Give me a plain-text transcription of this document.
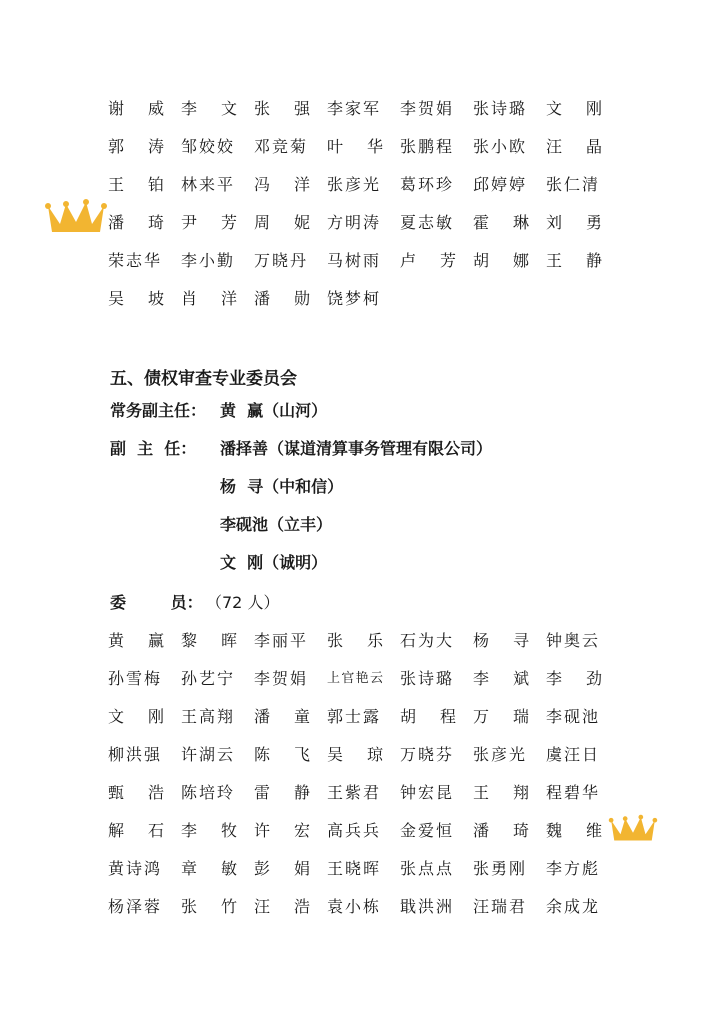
谢威 李文 张强 李家军 李贺娟 张诗璐 文刚
郭涛 邹姣姣 邓竞菊 叶华 张鹏程 张小欧 汪晶
王铂 林来平 冯洋 张彦光 葛环珍 邱婷婷 张仁清
潘琦 尹芳 周妮 方明涛 夏志敏 霍琳 刘勇
荣志华 李小勤 万晓丹 马树雨 卢芳 胡娜 王静
吴坡 肖洋 潘勋 饶梦柯
五、债权审查专业委员会
常务副主任： 黄  赢（山河）
副  主  任： 潘择善（谋道清算事务管理有限公司）
杨  寻（中和信）
李砚池（立丰）
文  刚（诚明）
委        员： （72 人）
黄赢 黎晖 李丽平 张乐 石为大 杨寻 钟奥云
孙雪梅 孙艺宁 李贺娟 上官艳云 张诗璐 李斌 李劲
文刚 王高翔 潘童 郭士露 胡程 万瑞 李砚池
柳洪强 许湖云 陈飞 吴琼 万晓芬 张彦光 虞汪日
甄浩 陈培玲 雷静 王紫君 钟宏昆 王翔 程碧华
解石 李牧 许宏 高兵兵 金爱恒 潘琦 魏维
黄诗鸿 章敏 彭娟 王晓晖 张点点 张勇刚 李方彪
杨泽蓉 张竹 汪浩 袁小栋 戢洪洲 汪瑞君 余成龙
